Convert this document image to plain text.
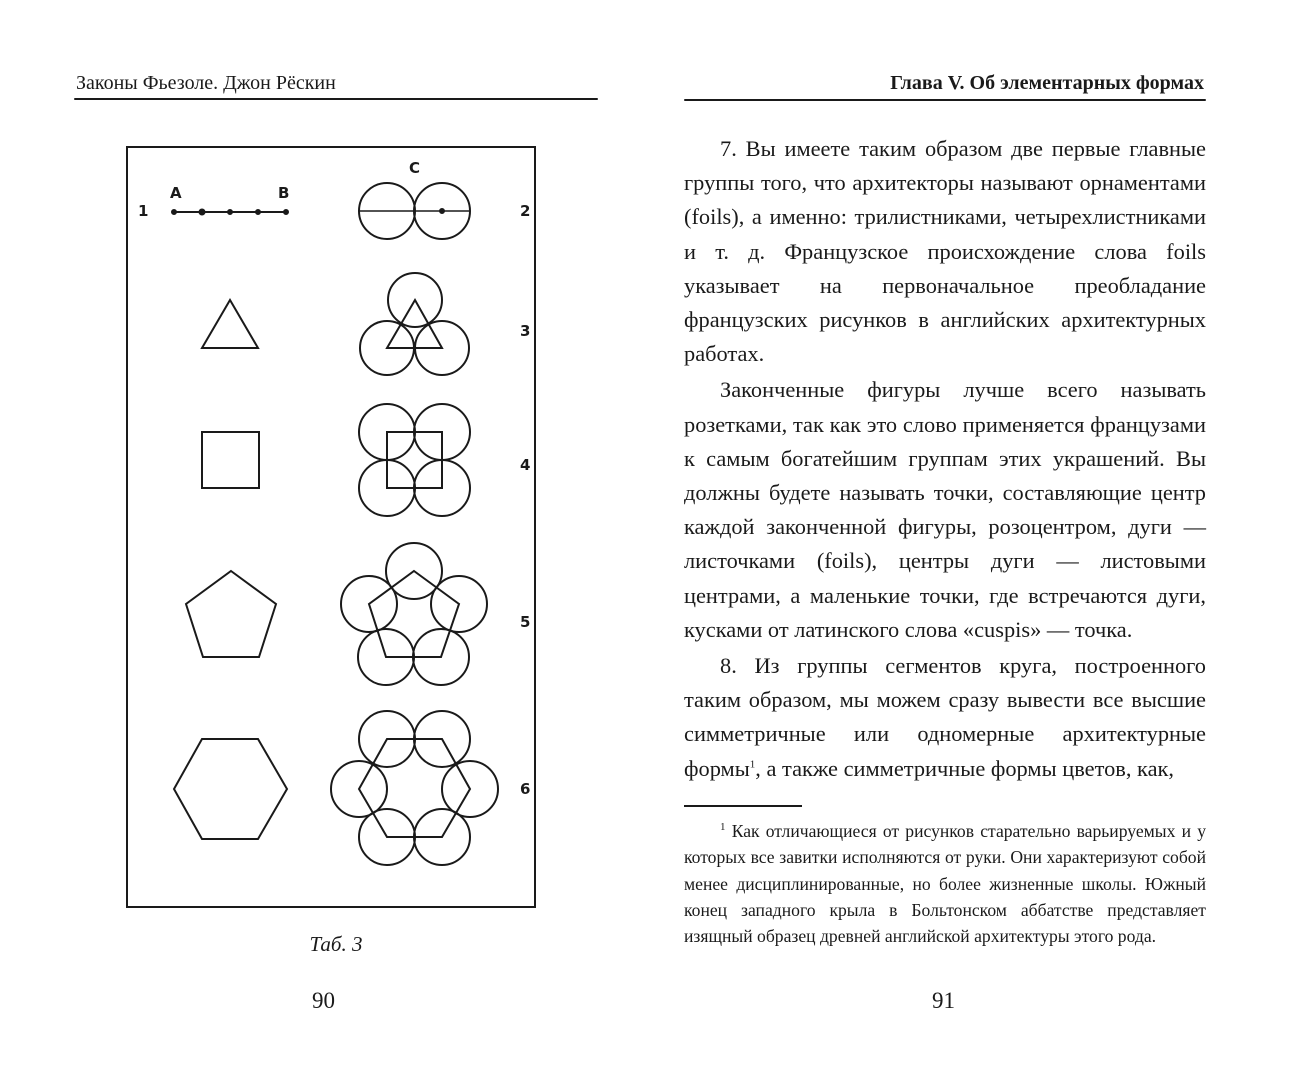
Законы Фьезоле. Джон Рёскин
A	B
C
1	2
3
4
5
6
Таб. 3
90
Глава V. Об элементарных формах

7. Вы имеете таким образом две первые главные группы того, что архитекторы называют орнаментами (foils), а именно: трилистниками, четырехлистниками и т. д. Французское происхождение слова foils указывает на первоначальное преобладание французских рисунков в английских архитектурных работах.

Законченные фигуры лучше всего называть розетками, так как это слово применяется французами к самым богатейшим группам этих украшений. Вы должны будете называть точки, составляющие центр каждой законченной фигуры, розоцентром, дуги — листочками (foils), центры дуги — листовыми центрами, а маленькие точки, где встречаются дуги, кусками от латинского слова «cuspis» — точка.

8. Из группы сегментов круга, построенного таким образом, мы можем сразу вывести все высшие симметричные или одномерные архитектурные формы$^1$, а также симметричные формы цветов, как,

$^1$ Как отличающиеся от рисунков старательно варьируемых и у которых все завитки исполняются от руки. Они характеризуют собой менее дисциплинированные, но более жизненные школы. Южный конец западного крыла в Больтонском аббатстве представляет изящный образец древней английской архитектуры этого рода.
91
